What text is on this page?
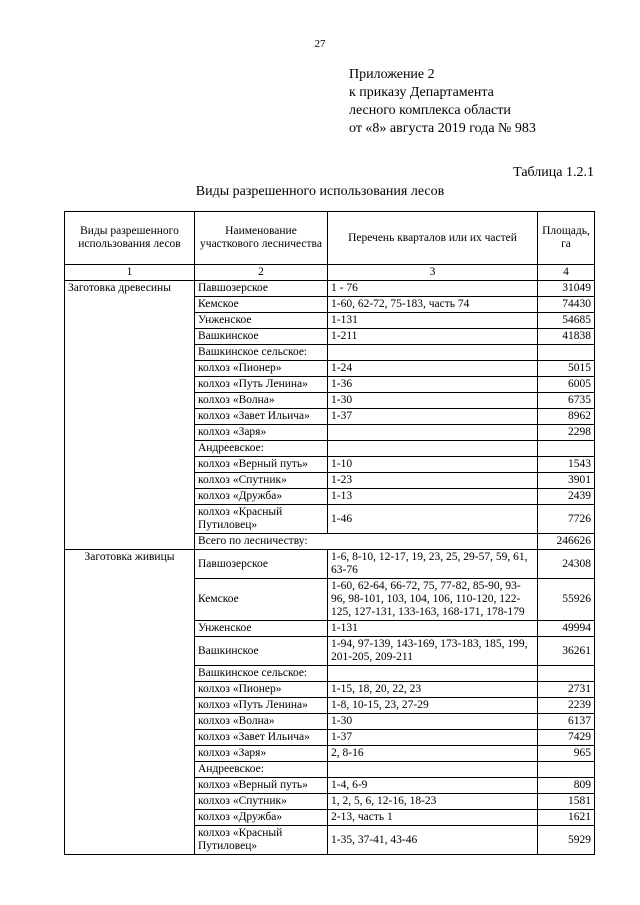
27
Приложение 2
к приказу Департамента
лесного комплекса области
от «8» августа 2019 года № 983
Таблица 1.2.1
Виды разрешенного использования лесов
Виды разрешенного использования лесов	Наименование участкового лесничества	Перечень кварталов или их частей	Площадь, га
1	2	3	4
Заготовка древесины	Павшозерское	1 - 76	31049
	Кемское	1-60, 62-72, 75-183, часть 74	74430
	Унженское	1-131	54685
	Вашкинское	1-211	41838
	Вашкинское сельское:		
	колхоз «Пионер»	1-24	5015
	колхоз «Путь Ленина»	1-36	6005
	колхоз «Волна»	1-30	6735
	колхоз «Завет Ильича»	1-37	8962
	колхоз «Заря»		2298
	Андреевское:		
	колхоз «Верный путь»	1-10	1543
	колхоз «Спутник»	1-23	3901
	колхоз «Дружба»	1-13	2439
	колхоз «Красный Путиловец»	1-46	7726
	Всего по лесничеству:		246626
Заготовка живицы	Павшозерское	1-6, 8-10, 12-17, 19, 23, 25, 29-57, 59, 61, 63-76	24308
	Кемское	1-60, 62-64, 66-72, 75, 77-82, 85-90, 93-96, 98-101, 103, 104, 106, 110-120, 122-125, 127-131, 133-163, 168-171, 178-179	55926
	Унженское	1-131	49994
	Вашкинское	1-94, 97-139, 143-169, 173-183, 185, 199, 201-205, 209-211	36261
	Вашкинское сельское:		
	колхоз «Пионер»	1-15, 18, 20, 22, 23	2731
	колхоз «Путь Ленина»	1-8, 10-15, 23, 27-29	2239
	колхоз «Волна»	1-30	6137
	колхоз «Завет Ильича»	1-37	7429
	колхоз «Заря»	2, 8-16	965
	Андреевское:		
	колхоз «Верный путь»	1-4, 6-9	809
	колхоз «Спутник»	1, 2, 5, 6, 12-16, 18-23	1581
	колхоз «Дружба»	2-13, часть 1	1621
	колхоз «Красный Путиловец»	1-35, 37-41, 43-46	5929
